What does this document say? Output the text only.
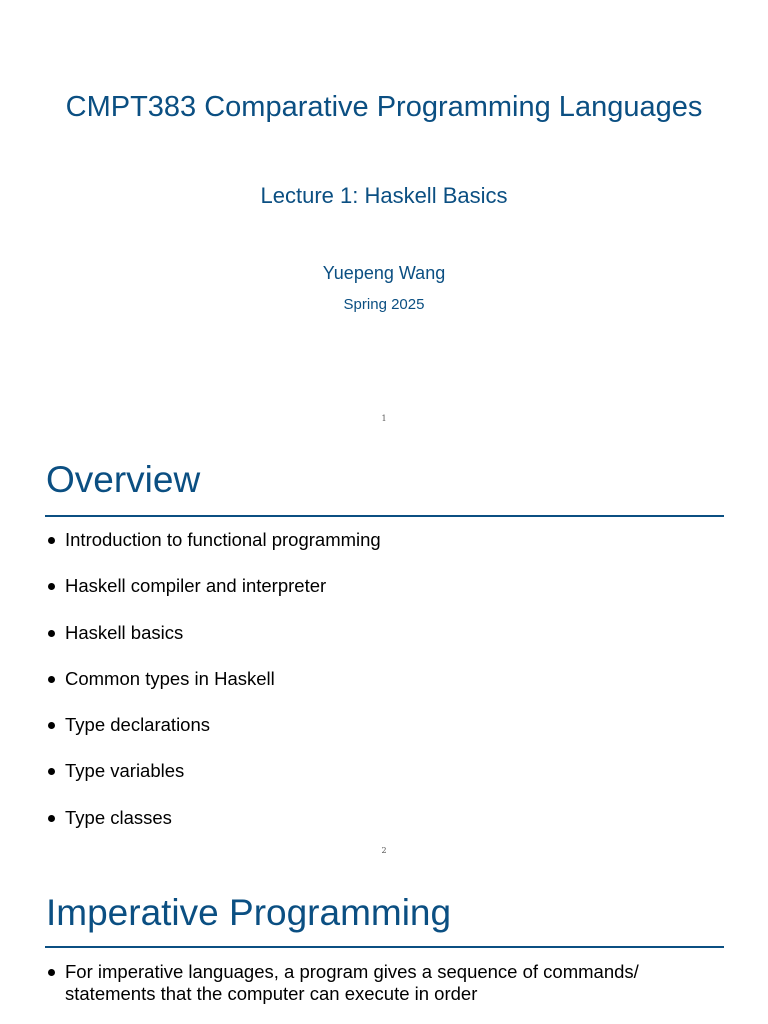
CMPT383 Comparative Programming Languages
Lecture 1: Haskell Basics
Yuepeng Wang
Spring 2025
1
Overview
Introduction to functional programming
Haskell compiler and interpreter
Haskell basics
Common types in Haskell
Type declarations
Type variables
Type classes
2
Imperative Programming
For imperative languages, a program gives a sequence of commands/ statements that the computer can execute in order
